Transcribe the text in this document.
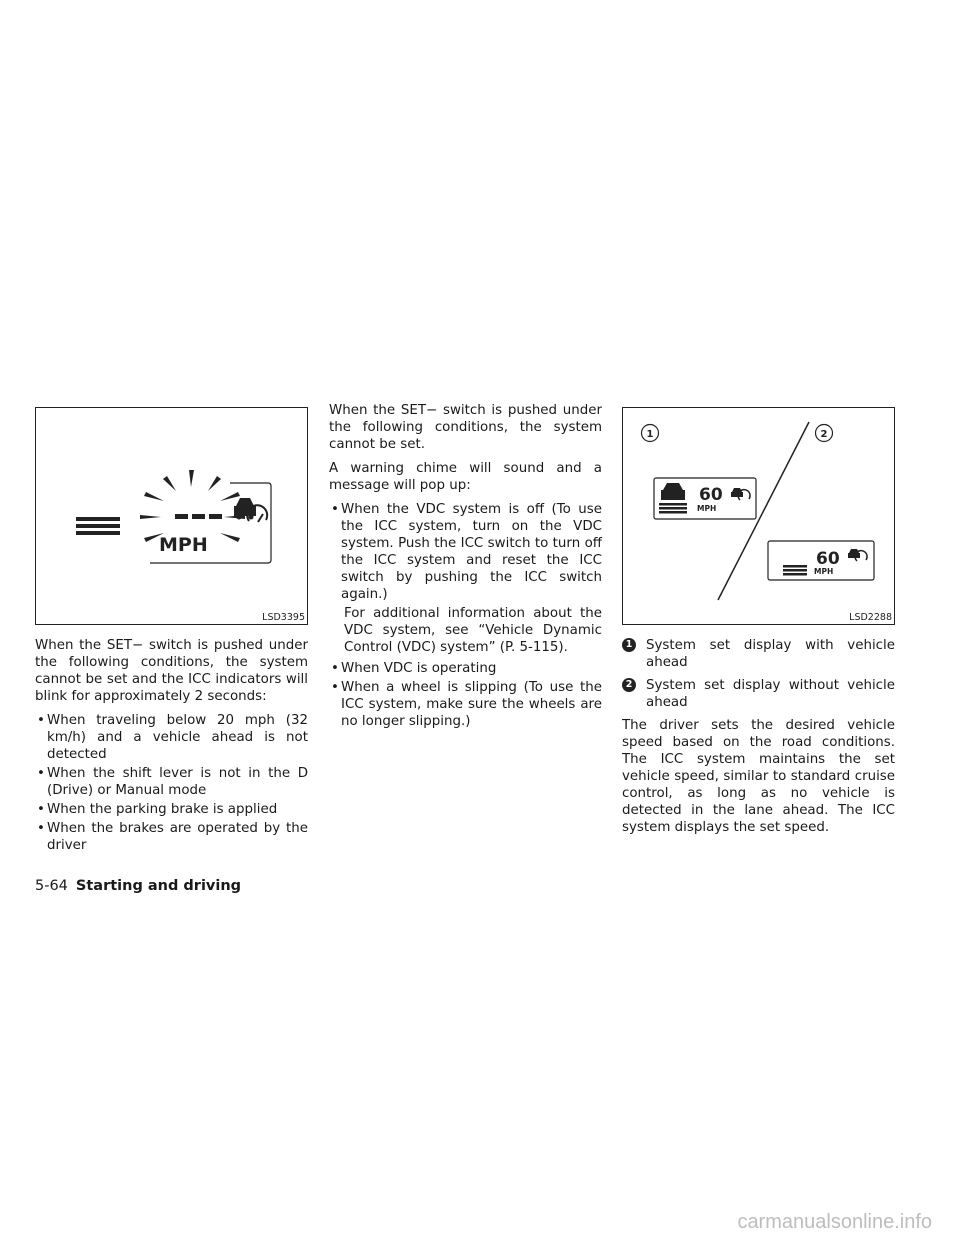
MPH
LSD3395

When the SET− switch is pushed under the following conditions, the system cannot be set and the ICC indicators will blink for approximately 2 seconds:

• When traveling below 20 mph (32 km/h) and a vehicle ahead is not detected
• When the shift lever is not in the D (Drive) or Manual mode
• When the parking brake is applied
• When the brakes are operated by the driver

When the SET− switch is pushed under the following conditions, the system cannot be set.

A warning chime will sound and a message will pop up:

• When the VDC system is off (To use the ICC system, turn on the VDC system. Push the ICC switch to turn off the ICC system and reset the ICC switch by pushing the ICC switch again.)

For additional information about the VDC system, see “Vehicle Dynamic Control (VDC) system” (P. 5-115).

• When VDC is operating
• When a wheel is slipping (To use the ICC system, make sure the wheels are no longer slipping.)
1	2
60
MPH
60
MPH
LSD2288
1 System set display with vehicle ahead
2 System set display without vehicle ahead

The driver sets the desired vehicle speed based on the road conditions. The ICC system maintains the set vehicle speed, similar to standard cruise control, as long as no vehicle is detected in the lane ahead. The ICC system displays the set speed.

5-64 Starting and driving
carmanualsonline.info
